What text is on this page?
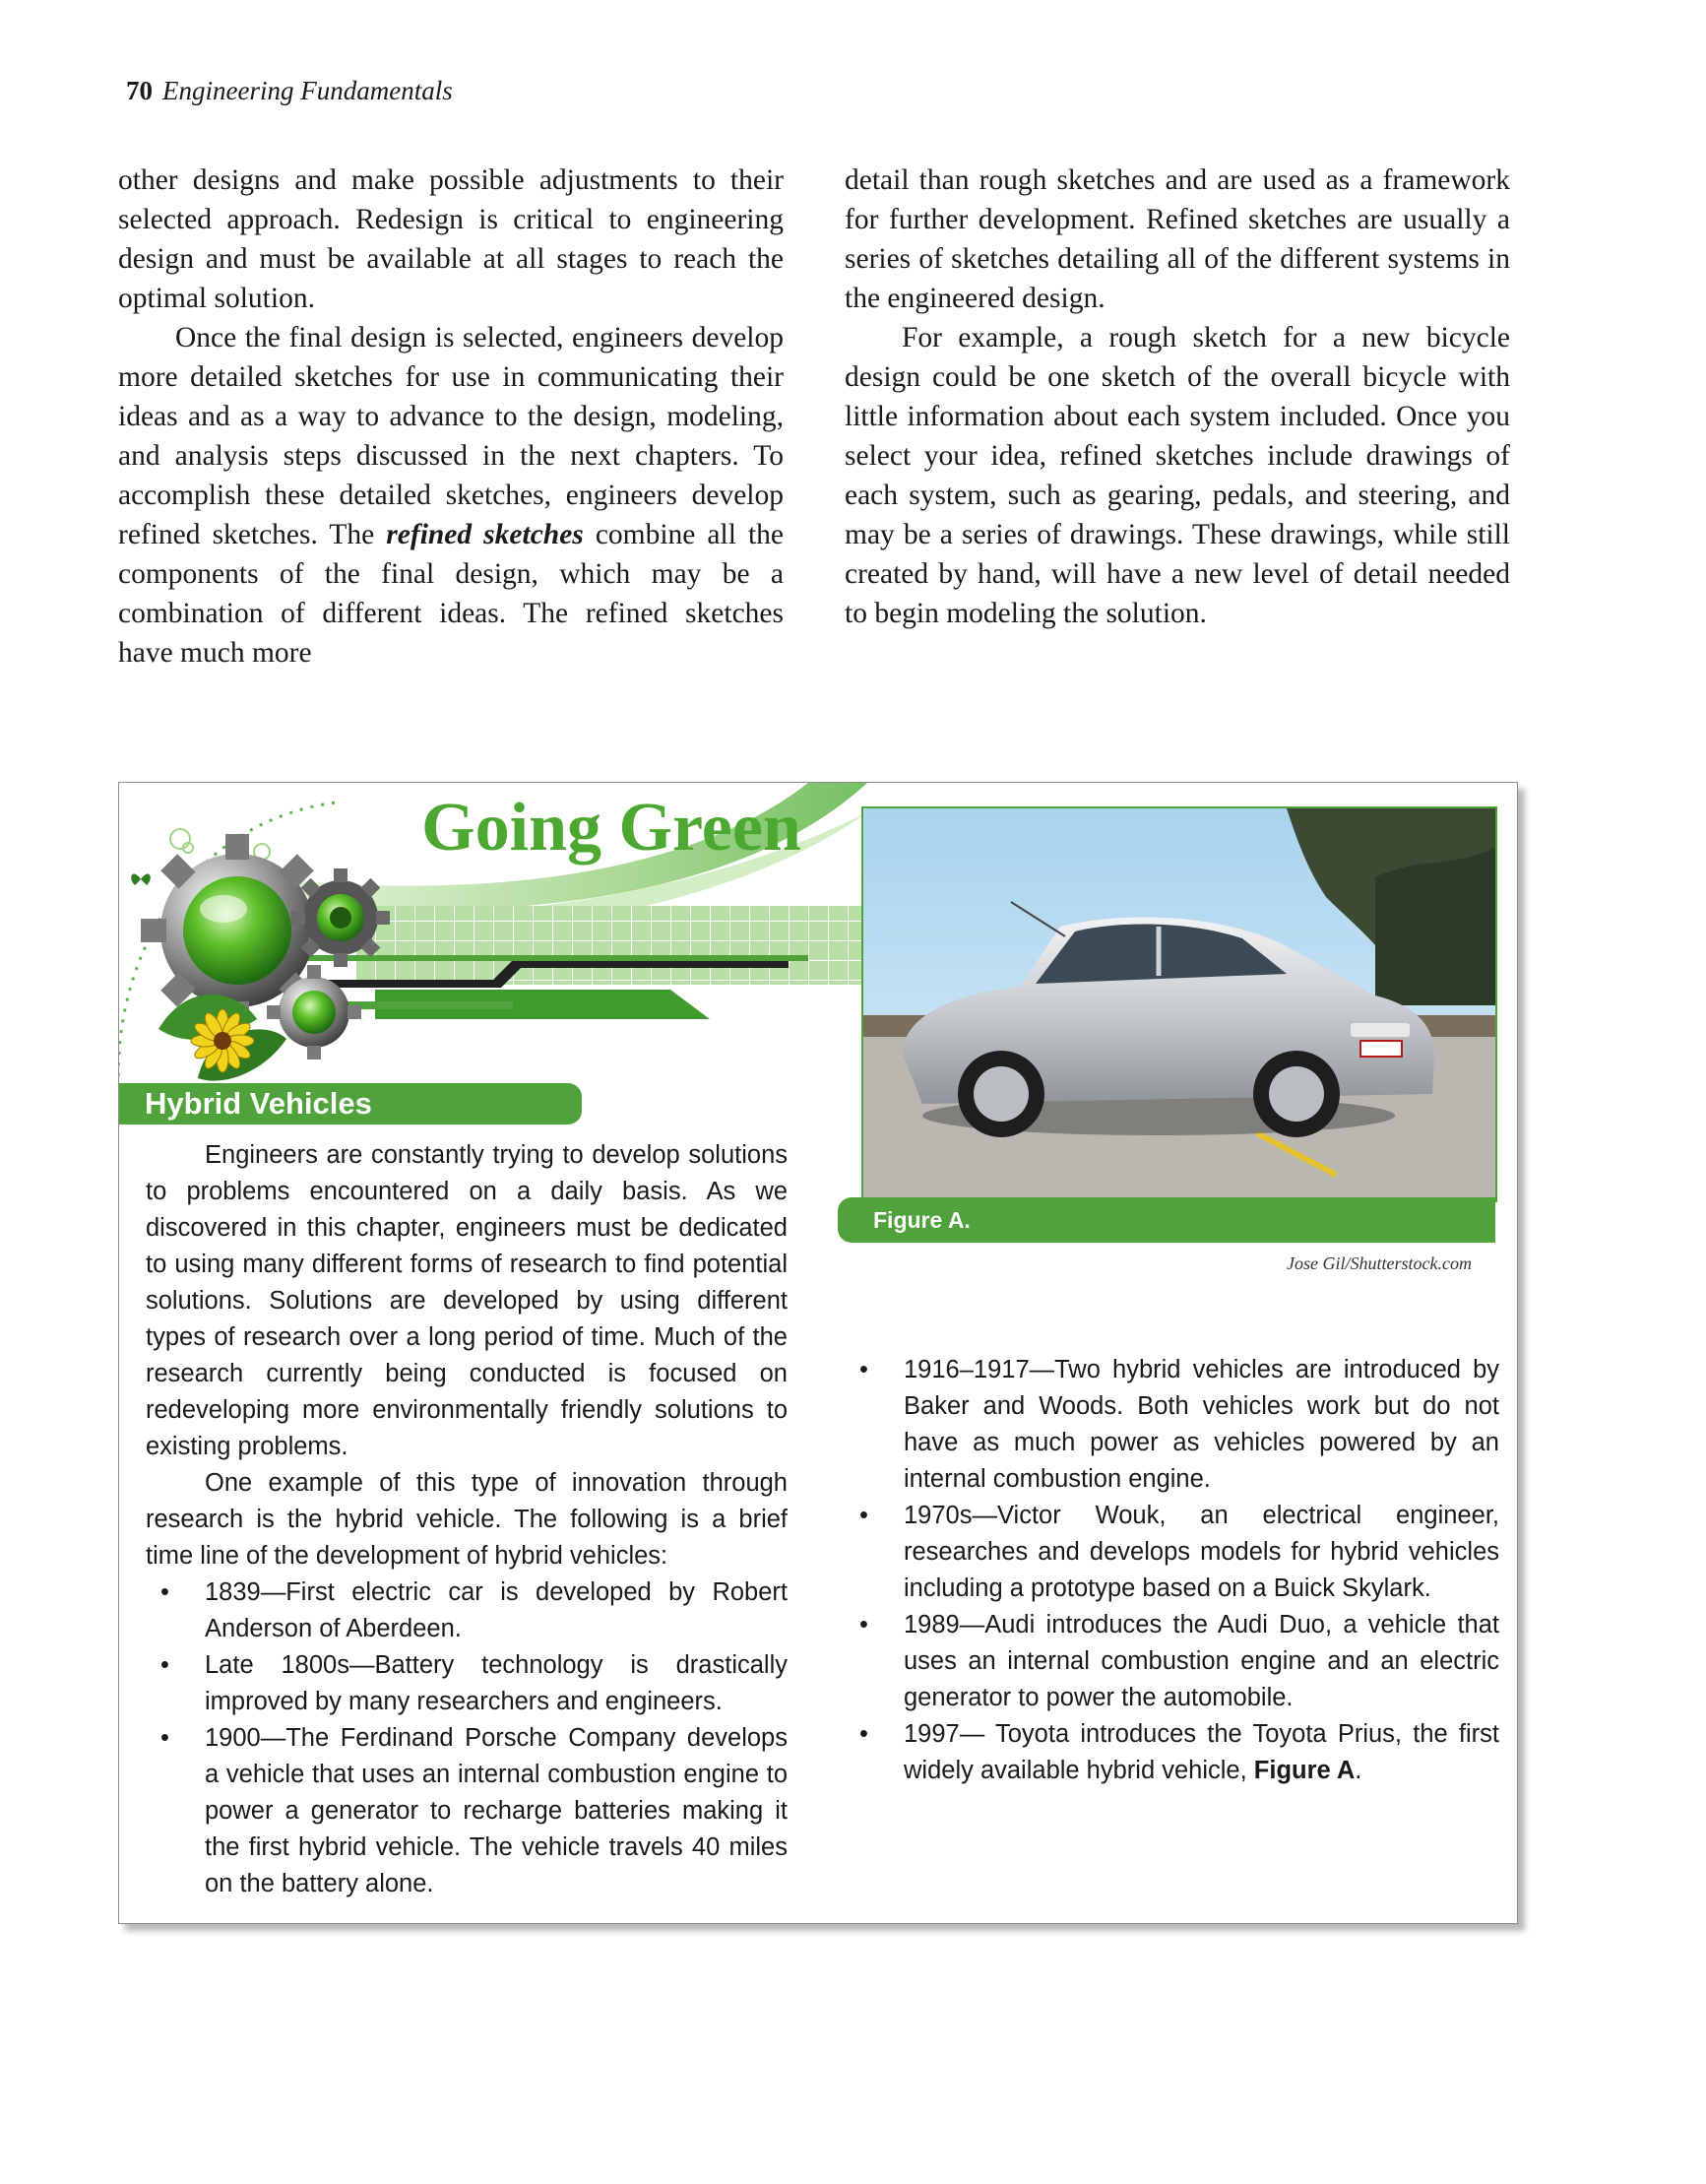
70 Engineering Fundamentals

other designs and make possible adjustments to their selected approach. Redesign is critical to engineering design and must be available at all stages to reach the optimal solution.

Once the final design is selected, engineers develop more detailed sketches for use in communicating their ideas and as a way to advance to the design, modeling, and analysis steps discussed in the next chapters. To accomplish these detailed sketches, engineers develop refined sketches. The refined sketches combine all the components of the final design, which may be a combination of different ideas. The refined sketches have much more

detail than rough sketches and are used as a framework for further development. Refined sketches are usually a series of sketches detailing all of the different systems in the engineered design.

For example, a rough sketch for a new bicycle design could be one sketch of the overall bicycle with little information about each system included. Once you select your idea, refined sketches include drawings of each system, such as gearing, pedals, and steering, and may be a series of drawings. These drawings, while still created by hand, will have a new level of detail needed to begin modeling the solution.

Going Green
Figure A.
Jose Gil/Shutterstock.com
Hybrid Vehicles

Engineers are constantly trying to develop solutions to problems encountered on a daily basis. As we discovered in this chapter, engineers must be dedicated to using many different forms of research to find potential solutions. Solutions are developed by using different types of research over a long period of time. Much of the research currently being conducted is focused on redeveloping more environmentally friendly solutions to existing problems.

One example of this type of innovation through research is the hybrid vehicle. The following is a brief time line of the development of hybrid vehicles:

• 1839—First electric car is developed by Robert Anderson of Aberdeen.
• Late 1800s—Battery technology is drastically improved by many researchers and engineers.
• 1900—The Ferdinand Porsche Company develops a vehicle that uses an internal combustion engine to power a generator to recharge batteries making it the first hybrid vehicle. The vehicle travels 40 miles on the battery alone.
• 1916–1917—Two hybrid vehicles are introduced by Baker and Woods. Both vehicles work but do not have as much power as vehicles powered by an internal combustion engine.
• 1970s—Victor Wouk, an electrical engineer, researches and develops models for hybrid vehicles including a prototype based on a Buick Skylark.
• 1989—Audi introduces the Audi Duo, a vehicle that uses an internal combustion engine and an electric generator to power the automobile.
• 1997— Toyota introduces the Toyota Prius, the first widely available hybrid vehicle, Figure A.
